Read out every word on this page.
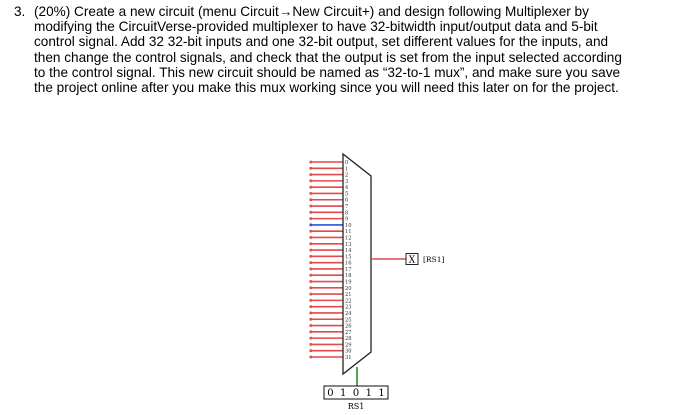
3. (20%) Create a new circuit (menu Circuit→New Circuit+) and design following Multiplexer by
modifying the CircuitVerse-provided multiplexer to have 32-bitwidth input/output data and 5-bit
control signal. Add 32 32-bit inputs and one 32-bit output, set different values for the inputs, and
then change the control signals, and check that the output is set from the input selected according
to the control signal. This new circuit should be named as “32-to-1 mux”, and make sure you save
the project online after you make this mux working since you will need this later on for the project.
0
1
2
3
4
5
6
7
8
9
10
11
12
13
14
15
16
17
18
19
20
21
22
23
24
25
26
27
28
29
30
31
X [RS1]
0 1 0 1 1
RS1
